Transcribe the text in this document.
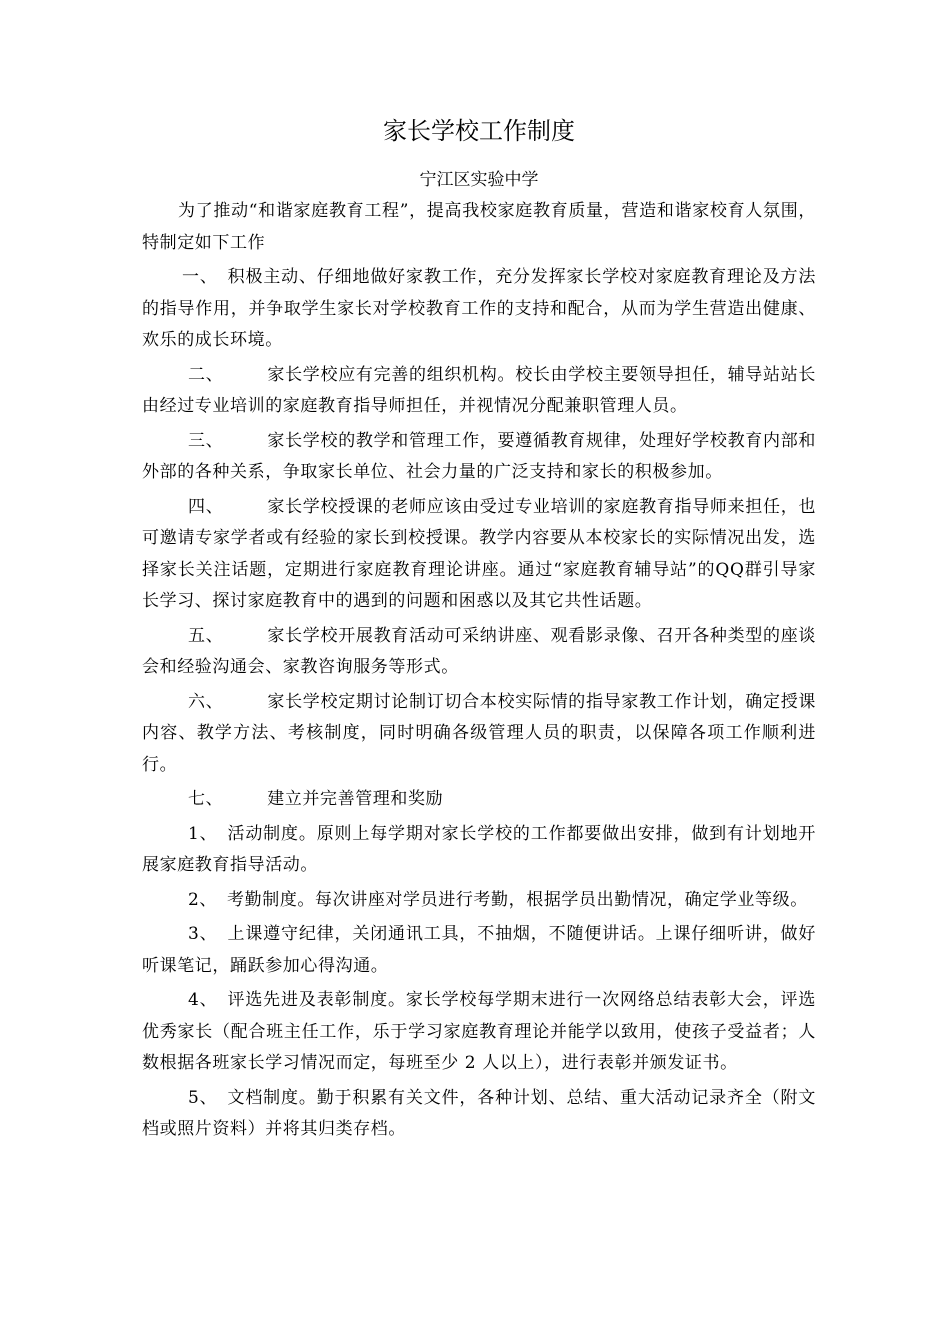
家长学校工作制度
宁江区实验中学

为了推动“和谐家庭教育工程”，提高我校家庭教育质量，营造和谐家校育人氛围，特制定如下工作

一、 积极主动、仔细地做好家教工作，充分发挥家长学校对家庭教育理论及方法的指导作用，并争取学生家长对学校教育工作的支持和配合，从而为学生营造出健康、欢乐的成长环境。

二、	家长学校应有完善的组织机构。校长由学校主要领导担任，辅导站站长由经过专业培训的家庭教育指导师担任，并视情况分配兼职管理人员。

三、	家长学校的教学和管理工作，要遵循教育规律，处理好学校教育内部和外部的各种关系，争取家长单位、社会力量的广泛支持和家长的积极参加。

四、	家长学校授课的老师应该由受过专业培训的家庭教育指导师来担任，也可邀请专家学者或有经验的家长到校授课。教学内容要从本校家长的实际情况出发，选择家长关注话题，定期进行家庭教育理论讲座。通过“家庭教育辅导站”的QQ群引导家长学习、探讨家庭教育中的遇到的问题和困惑以及其它共性话题。

五、	家长学校开展教育活动可采纳讲座、观看影录像、召开各种类型的座谈会和经验沟通会、家教咨询服务等形式。

六、	家长学校定期讨论制订切合本校实际情的指导家教工作计划，确定授课内容、教学方法、考核制度，同时明确各级管理人员的职责，以保障各项工作顺利进行。

七、	建立并完善管理和奖励

1、 活动制度。原则上每学期对家长学校的工作都要做出安排，做到有计划地开展家庭教育指导活动。

2、 考勤制度。每次讲座对学员进行考勤，根据学员出勤情况，确定学业等级。

3、 上课遵守纪律，关闭通讯工具，不抽烟，不随便讲话。上课仔细听讲，做好听课笔记，踊跃参加心得沟通。

4、 评选先进及表彰制度。家长学校每学期末进行一次网络总结表彰大会，评选优秀家长（配合班主任工作，乐于学习家庭教育理论并能学以致用，使孩子受益者；人数根据各班家长学习情况而定，每班至少 2 人以上），进行表彰并颁发证书。

5、 文档制度。勤于积累有关文件，各种计划、总结、重大活动记录齐全（附文档或照片资料）并将其归类存档。
